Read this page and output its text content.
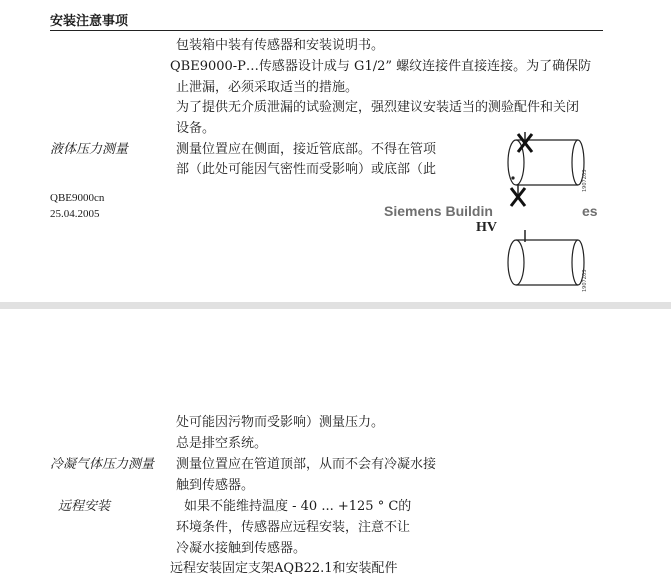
安装注意事项
包装箱中装有传感器和安装说明书。
QBE9000-P…传感器设计成与 G1/2” 螺纹连接件直接连接。为了确保防
止泄漏，必须采取适当的措施。
为了提供无介质泄漏的试验测定，强烈建议安装适当的测验配件和关闭
设备。
液体压力测量	测量位置应在侧面，接近管底部。不得在管项
部（此处可能因气密性而受影响）或底部（此
QBE9000cn
25.04.2005	Siemens Buildin	es
HV
1907Z03
1907Z03
处可能因污物而受影响）测量压力。
总是排空系统。
冷凝气体压力测量 测量位置应在管道顶部，从而不会有冷凝水接
触到传感器。
远程安装	如果不能维持温度 - 40 ... +125 ° C的
环境条件，传感器应远程安装，注意不让
冷凝水接触到传感器。
远程安装固定支架AQB22.1和安装配件
